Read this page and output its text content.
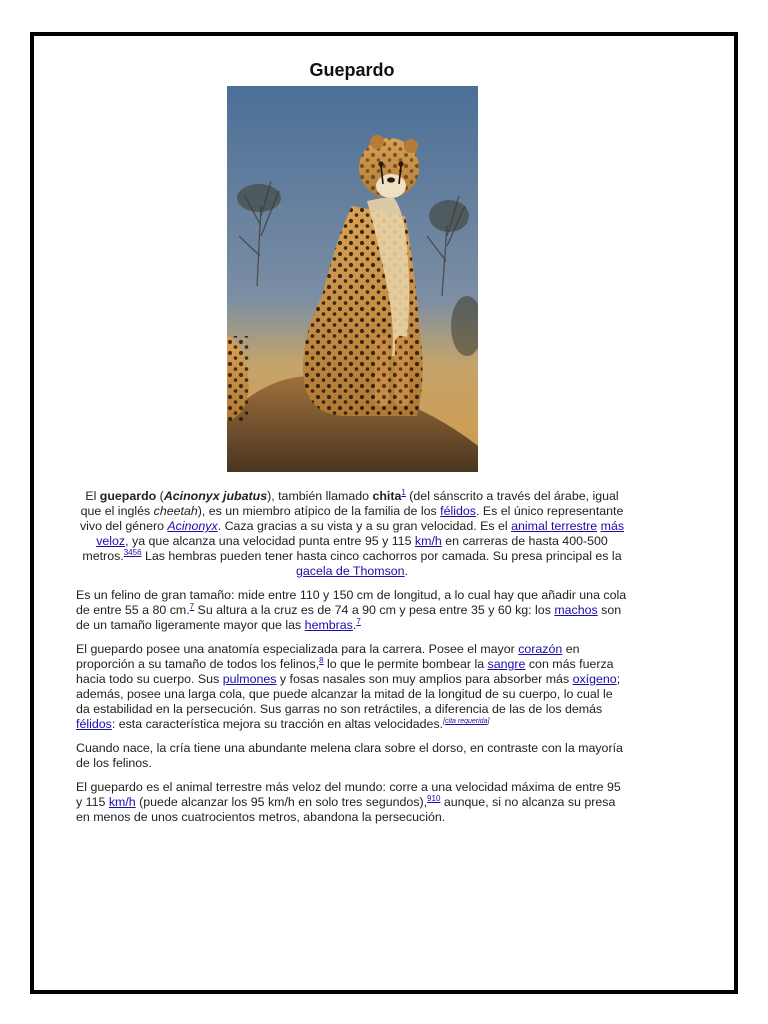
Guepardo

El guepardo (Acinonyx jubatus), también llamado chita$^1$ (del sánscrito a través del árabe, igual que el inglés cheetah), es un miembro atípico de la familia de los félidos. Es el único representante vivo del género Acinonyx. Caza gracias a su vista y a su gran velocidad. Es el animal terrestre más veloz, ya que alcanza una velocidad punta entre 95 y 115 km/h en carreras de hasta 400-500 metros.$^{3456}$ Las hembras pueden tener hasta cinco cachorros por camada. Su presa principal es la gacela de Thomson.

Es un felino de gran tamaño: mide entre 110 y 150 cm de longitud, a lo cual hay que añadir una cola de entre 55 a 80 cm.$^7$ Su altura a la cruz es de 74 a 90 cm y pesa entre 35 y 60 kg: los machos son de un tamaño ligeramente mayor que las hembras.$^7$

El guepardo posee una anatomía especializada para la carrera. Posee el mayor corazón en proporción a su tamaño de todos los felinos,$^8$ lo que le permite bombear la sangre con más fuerza hacia todo su cuerpo. Sus pulmones y fosas nasales son muy amplios para absorber más oxígeno; además, posee una larga cola, que puede alcanzar la mitad de la longitud de su cuerpo, lo cual le da estabilidad en la persecución. Sus garras no son retráctiles, a diferencia de las de los demás félidos: esta característica mejora su tracción en altas velocidades.[cita requerida]

Cuando nace, la cría tiene una abundante melena clara sobre el dorso, en contraste con la mayoría de los felinos.

El guepardo es el animal terrestre más veloz del mundo: corre a una velocidad máxima de entre 95 y 115 km/h (puede alcanzar los 95 km/h en solo tres segundos),$^{910}$ aunque, si no alcanza su presa en menos de unos cuatrocientos metros, abandona la persecución.
